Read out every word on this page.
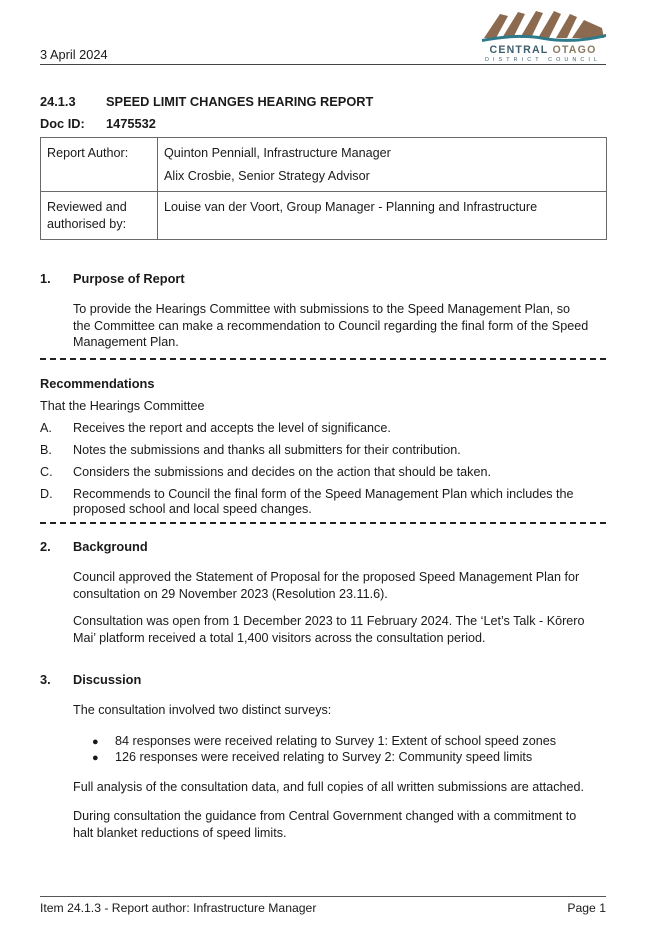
3 April 2024	CENTRAL OTAGO
DISTRICT COUNCIL
24.1.3 SPEED LIMIT CHANGES HEARING REPORT
Doc ID: 1475532
Report Author:	Quinton Penniall, Infrastructure Manager
Alix Crosbie, Senior Strategy Advisor

Reviewed and
authorised by:	Louise van der Voort, Group Manager - Planning and Infrastructure
1. Purpose of Report
To provide the Hearings Committee with submissions to the Speed Management Plan, so
the Committee can make a recommendation to Council regarding the final form of the Speed
Management Plan.
Recommendations
That the Hearings Committee
A. Receives the report and accepts the level of significance.
B. Notes the submissions and thanks all submitters for their contribution.
C. Considers the submissions and decides on the action that should be taken.
D. Recommends to Council the final form of the Speed Management Plan which includes the
proposed school and local speed changes.
2. Background
Council approved the Statement of Proposal for the proposed Speed Management Plan for
consultation on 29 November 2023 (Resolution 23.11.6).
Consultation was open from 1 December 2023 to 11 February 2024. The ‘Let’s Talk - Kōrero
Mai’ platform received a total 1,400 visitors across the consultation period.
3. Discussion
The consultation involved two distinct surveys:
● 84 responses were received relating to Survey 1: Extent of school speed zones
● 126 responses were received relating to Survey 2: Community speed limits
Full analysis of the consultation data, and full copies of all written submissions are attached.
During consultation the guidance from Central Government changed with a commitment to
halt blanket reductions of speed limits.
Item 24.1.3 - Report author: Infrastructure Manager	Page 1
